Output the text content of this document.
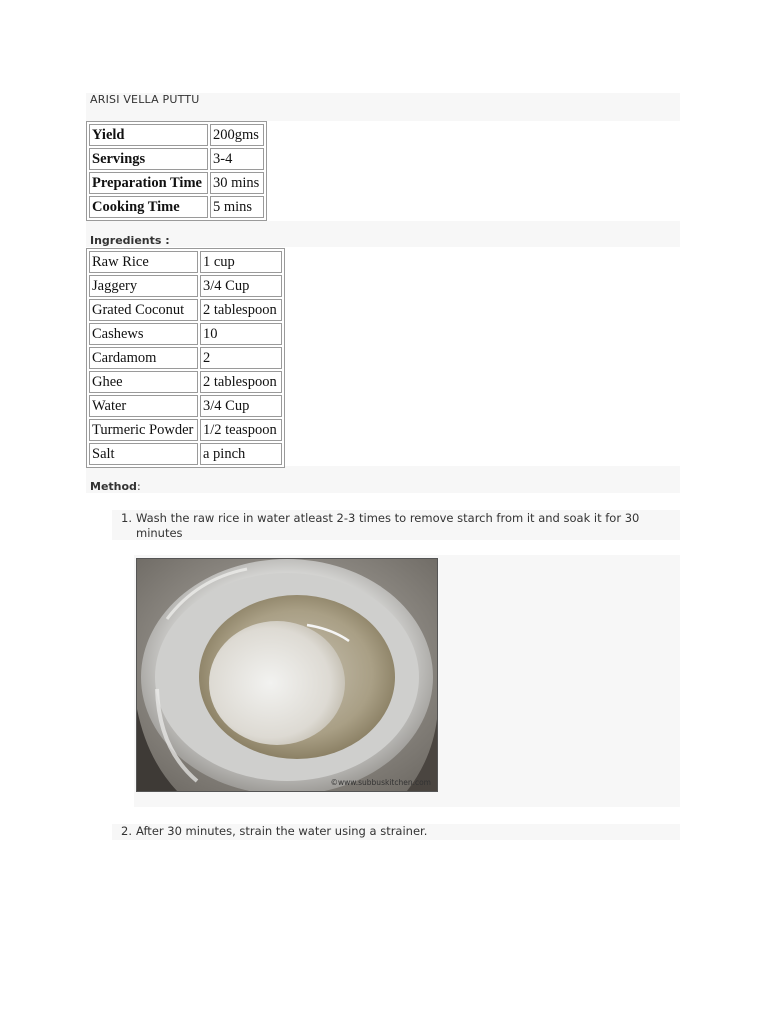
ARISI VELLA PUTTU
Yield	200gms
Servings	3-4
Preparation Time	30 mins
Cooking Time	5 mins
Ingredients :
Raw Rice	1 cup
Jaggery	3/4 Cup
Grated Coconut	2 tablespoon
Cashews	10
Cardamom	2
Ghee	2 tablespoon
Water	3/4 Cup
Turmeric Powder	1/2 teaspoon
Salt	a pinch
Method:
1. Wash the raw rice in water atleast 2-3 times to remove starch from it and soak it for 30 minutes
©www.subbuskitchen.com
2. After 30 minutes, strain the water using a strainer.
